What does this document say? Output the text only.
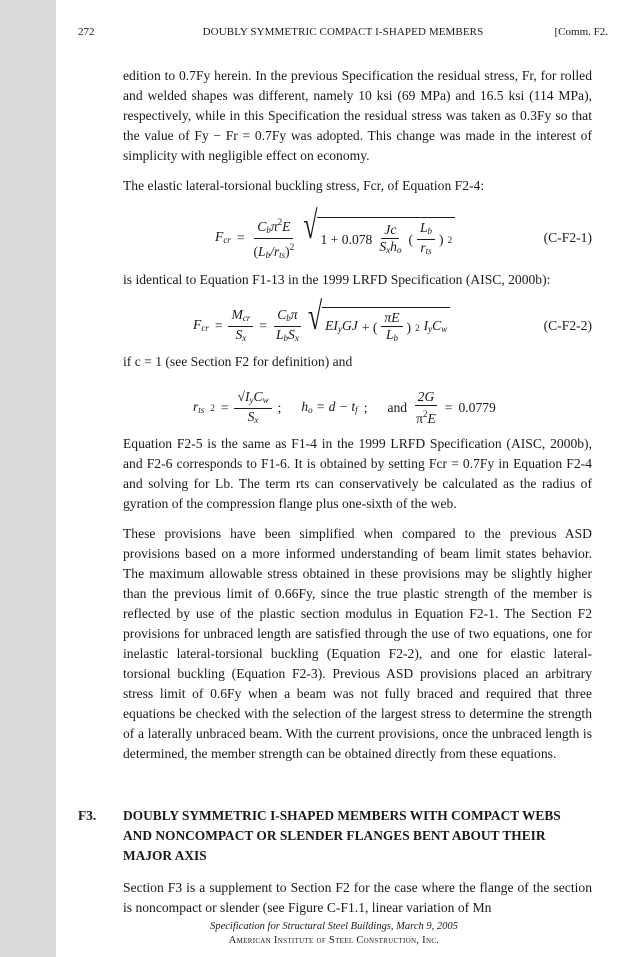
272	DOUBLY SYMMETRIC COMPACT I-SHAPED MEMBERS	[Comm. F2.

edition to 0.7Fy herein. In the previous Specification the residual stress, Fr, for rolled and welded shapes was different, namely 10 ksi (69 MPa) and 16.5 ksi (114 MPa), respectively, while in this Specification the residual stress was taken as 0.3Fy so that the value of Fy − Fr = 0.7Fy was adopted. This change was made in the interest of simplicity with negligible effect on economy.

The elastic lateral-torsional buckling stress, Fcr, of Equation F2-4:

$F_{cr} = \frac{C_b\pi^2E}{(L_b/r_{ts})^2}$ √ $1 + 0.078 \frac{Jc}{S_xh_o}$ ( $\frac{L_b}{r_{ts}}$ ) 2	(C-F2-1)

is identical to Equation F1-13 in the 1999 LRFD Specification (AISC, 2000b):

$F_{cr} = \frac{M_{cr}}{S_x} = \frac{C_b\pi}{L_bS_x}$ √ $EI_yGJ$ + ( $\frac{\pi E}{L_b}$ ) 2 $I_yC_w$	(C-F2-2)

if c = 1 (see Section F2 for definition) and

$r_{ts}$ $2 = \frac{√I_yC_w}{S_x}$ ; $h_o = d - t_f$ ; and $\frac{2G}{\pi^2E} = 0.0779$

Equation F2-5 is the same as F1-4 in the 1999 LRFD Specification (AISC, 2000b), and F2-6 corresponds to F1-6. It is obtained by setting Fcr = 0.7Fy in Equation F2-4 and solving for Lb. The term rts can conservatively be calculated as the radius of gyration of the compression flange plus one-sixth of the web.

These provisions have been simplified when compared to the previous ASD provisions based on a more informed understanding of beam limit states behavior. The maximum allowable stress obtained in these provisions may be slightly higher than the previous limit of 0.66Fy, since the true plastic strength of the member is reflected by use of the plastic section modulus in Equation F2-1. The Section F2 provisions for unbraced length are satisfied through the use of two equations, one for inelastic lateral-torsional buckling (Equation F2-2), and one for elastic lateral-torsional buckling (Equation F2-3). Previous ASD provisions placed an arbitrary stress limit of 0.6Fy when a beam was not fully braced and required that three equations be checked with the selection of the largest stress to determine the strength of a laterally unbraced beam. With the current provisions, once the unbraced length is determined, the member strength can be obtained directly from these equations.

F3.	DOUBLY SYMMETRIC I-SHAPED MEMBERS WITH COMPACT WEBS AND NONCOMPACT OR SLENDER FLANGES BENT ABOUT THEIR MAJOR AXIS

Section F3 is a supplement to Section F2 for the case where the flange of the section is noncompact or slender (see Figure C-F1.1, linear variation of Mn

Specification for Structural Steel Buildings, March 9, 2005
American Institute of Steel Construction, Inc.
